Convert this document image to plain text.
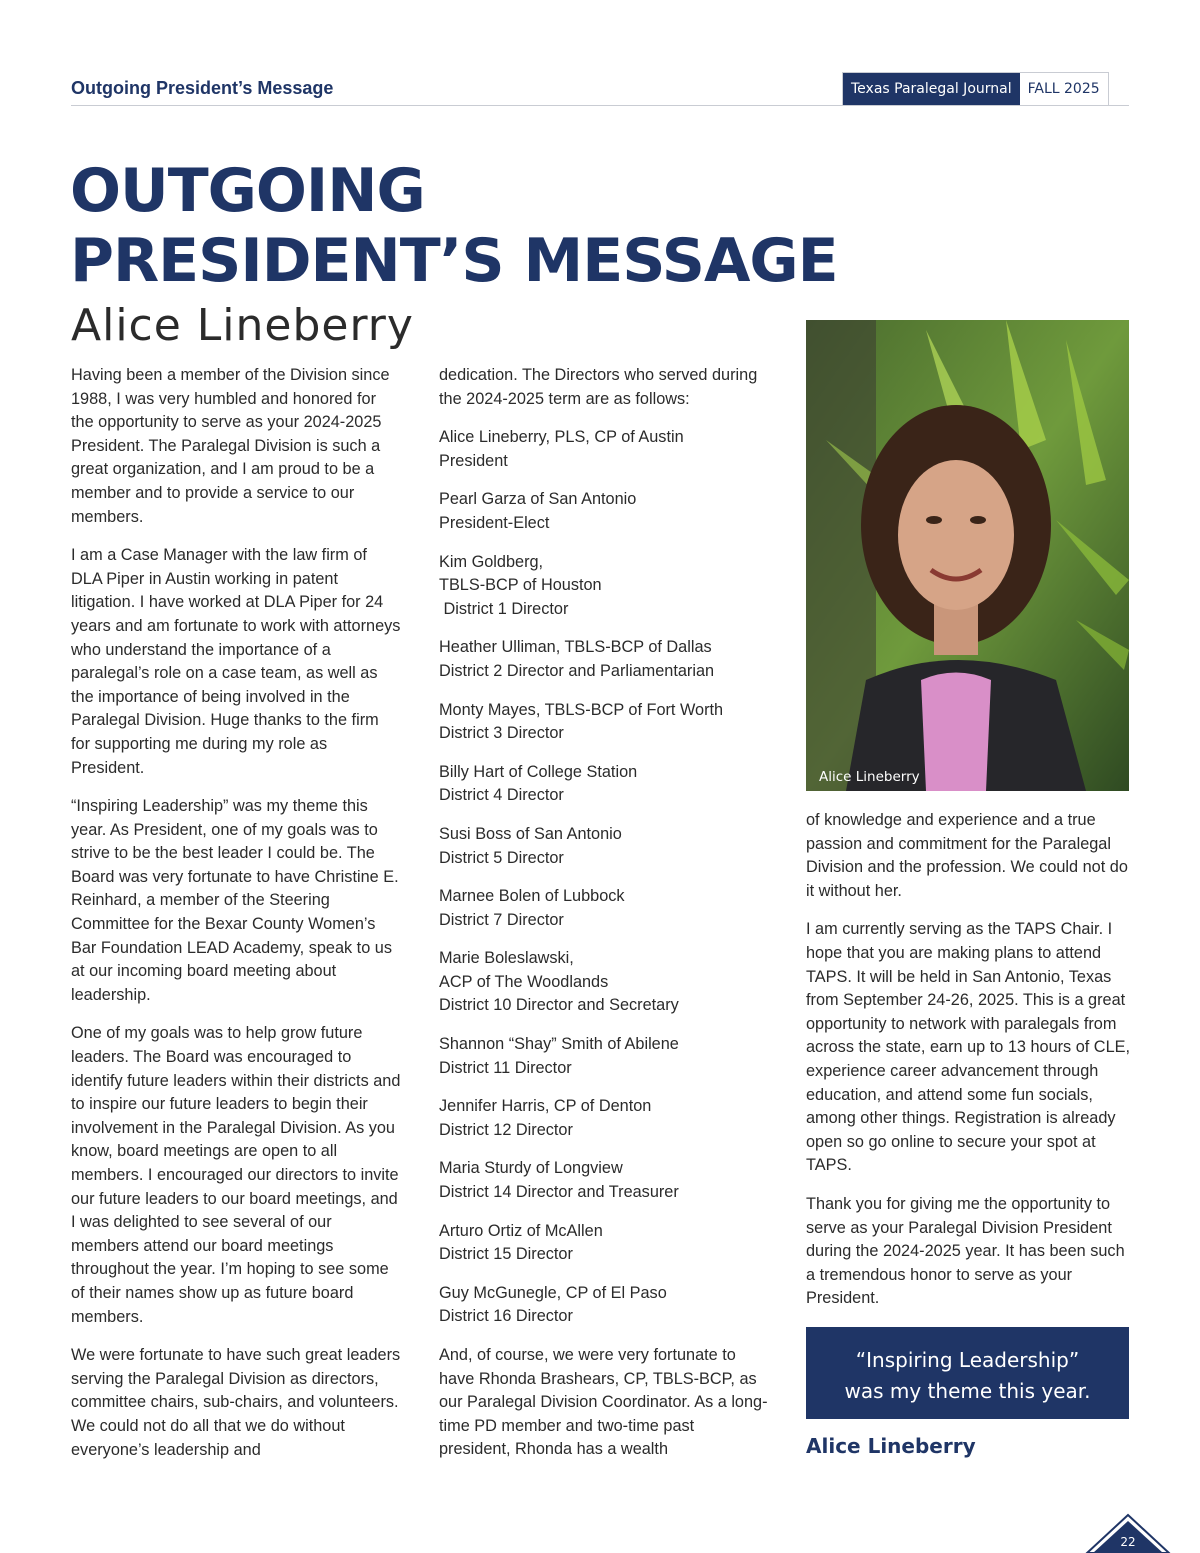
Outgoing President’s Message	Texas Paralegal Journal	FALL 2025
OUTGOING
PRESIDENT’S MESSAGE
Alice Lineberry

Having been a member of the Division since 1988, I was very humbled and honored for the opportunity to serve as your 2024-2025 President. The Paralegal Division is such a great organization, and I am proud to be a member and to provide a service to our members.

I am a Case Manager with the law firm of DLA Piper in Austin working in patent litigation. I have worked at DLA Piper for 24 years and am fortunate to work with attorneys who understand the importance of a paralegal’s role on a case team, as well as the importance of being involved in the Paralegal Division. Huge thanks to the firm for supporting me during my role as President.

“Inspiring Leadership” was my theme this year. As President, one of my goals was to strive to be the best leader I could be. The Board was very fortunate to have Christine E. Reinhard, a member of the Steering Committee for the Bexar County Women’s Bar Foundation LEAD Academy, speak to us at our incoming board meeting about leadership.

One of my goals was to help grow future leaders. The Board was encouraged to identify future leaders within their districts and to inspire our future leaders to begin their involvement in the Paralegal Division. As you know, board meetings are open to all members. I encouraged our directors to invite our future leaders to our board meetings, and I was delighted to see several of our members attend our board meetings throughout the year. I’m hoping to see some of their names show up as future board members.

We were fortunate to have such great leaders serving the Paralegal Division as directors, committee chairs, sub-chairs, and volunteers. We could not do all that we do without everyone’s leadership and

dedication. The Directors who served during the 2024-2025 term are as follows:

Alice Lineberry, PLS, CP of Austin
President

Pearl Garza of San Antonio
President-Elect

Kim Goldberg,
TBLS-BCP of Houston
District 1 Director

Heather Ulliman, TBLS-BCP of Dallas
District 2 Director and Parliamentarian

Monty Mayes, TBLS-BCP of Fort Worth
District 3 Director

Billy Hart of College Station
District 4 Director

Susi Boss of San Antonio
District 5 Director

Marnee Bolen of Lubbock
District 7 Director

Marie Boleslawski,
ACP of The Woodlands
District 10 Director and Secretary

Shannon “Shay” Smith of Abilene
District 11 Director

Jennifer Harris, CP of Denton
District 12 Director

Maria Sturdy of Longview
District 14 Director and Treasurer

Arturo Ortiz of McAllen
District 15 Director

Guy McGunegle, CP of El Paso
District 16 Director

And, of course, we were very fortunate to have Rhonda Brashears, CP, TBLS-BCP, as our Paralegal Division Coordinator. As a long-time PD member and two-time past president, Rhonda has a wealth

Alice Lineberry

of knowledge and experience and a true passion and commitment for the Paralegal Division and the profession. We could not do it without her.

I am currently serving as the TAPS Chair. I hope that you are making plans to attend TAPS. It will be held in San Antonio, Texas from September 24-26, 2025. This is a great opportunity to network with paralegals from across the state, earn up to 13 hours of CLE, experience career advancement through education, and attend some fun socials, among other things. Registration is already open so go online to secure your spot at TAPS.

Thank you for giving me the opportunity to serve as your Paralegal Division President during the 2024-2025 year. It has been such a tremendous honor to serve as your President.

“Inspiring Leadership”
was my theme this year.
Alice Lineberry
22
